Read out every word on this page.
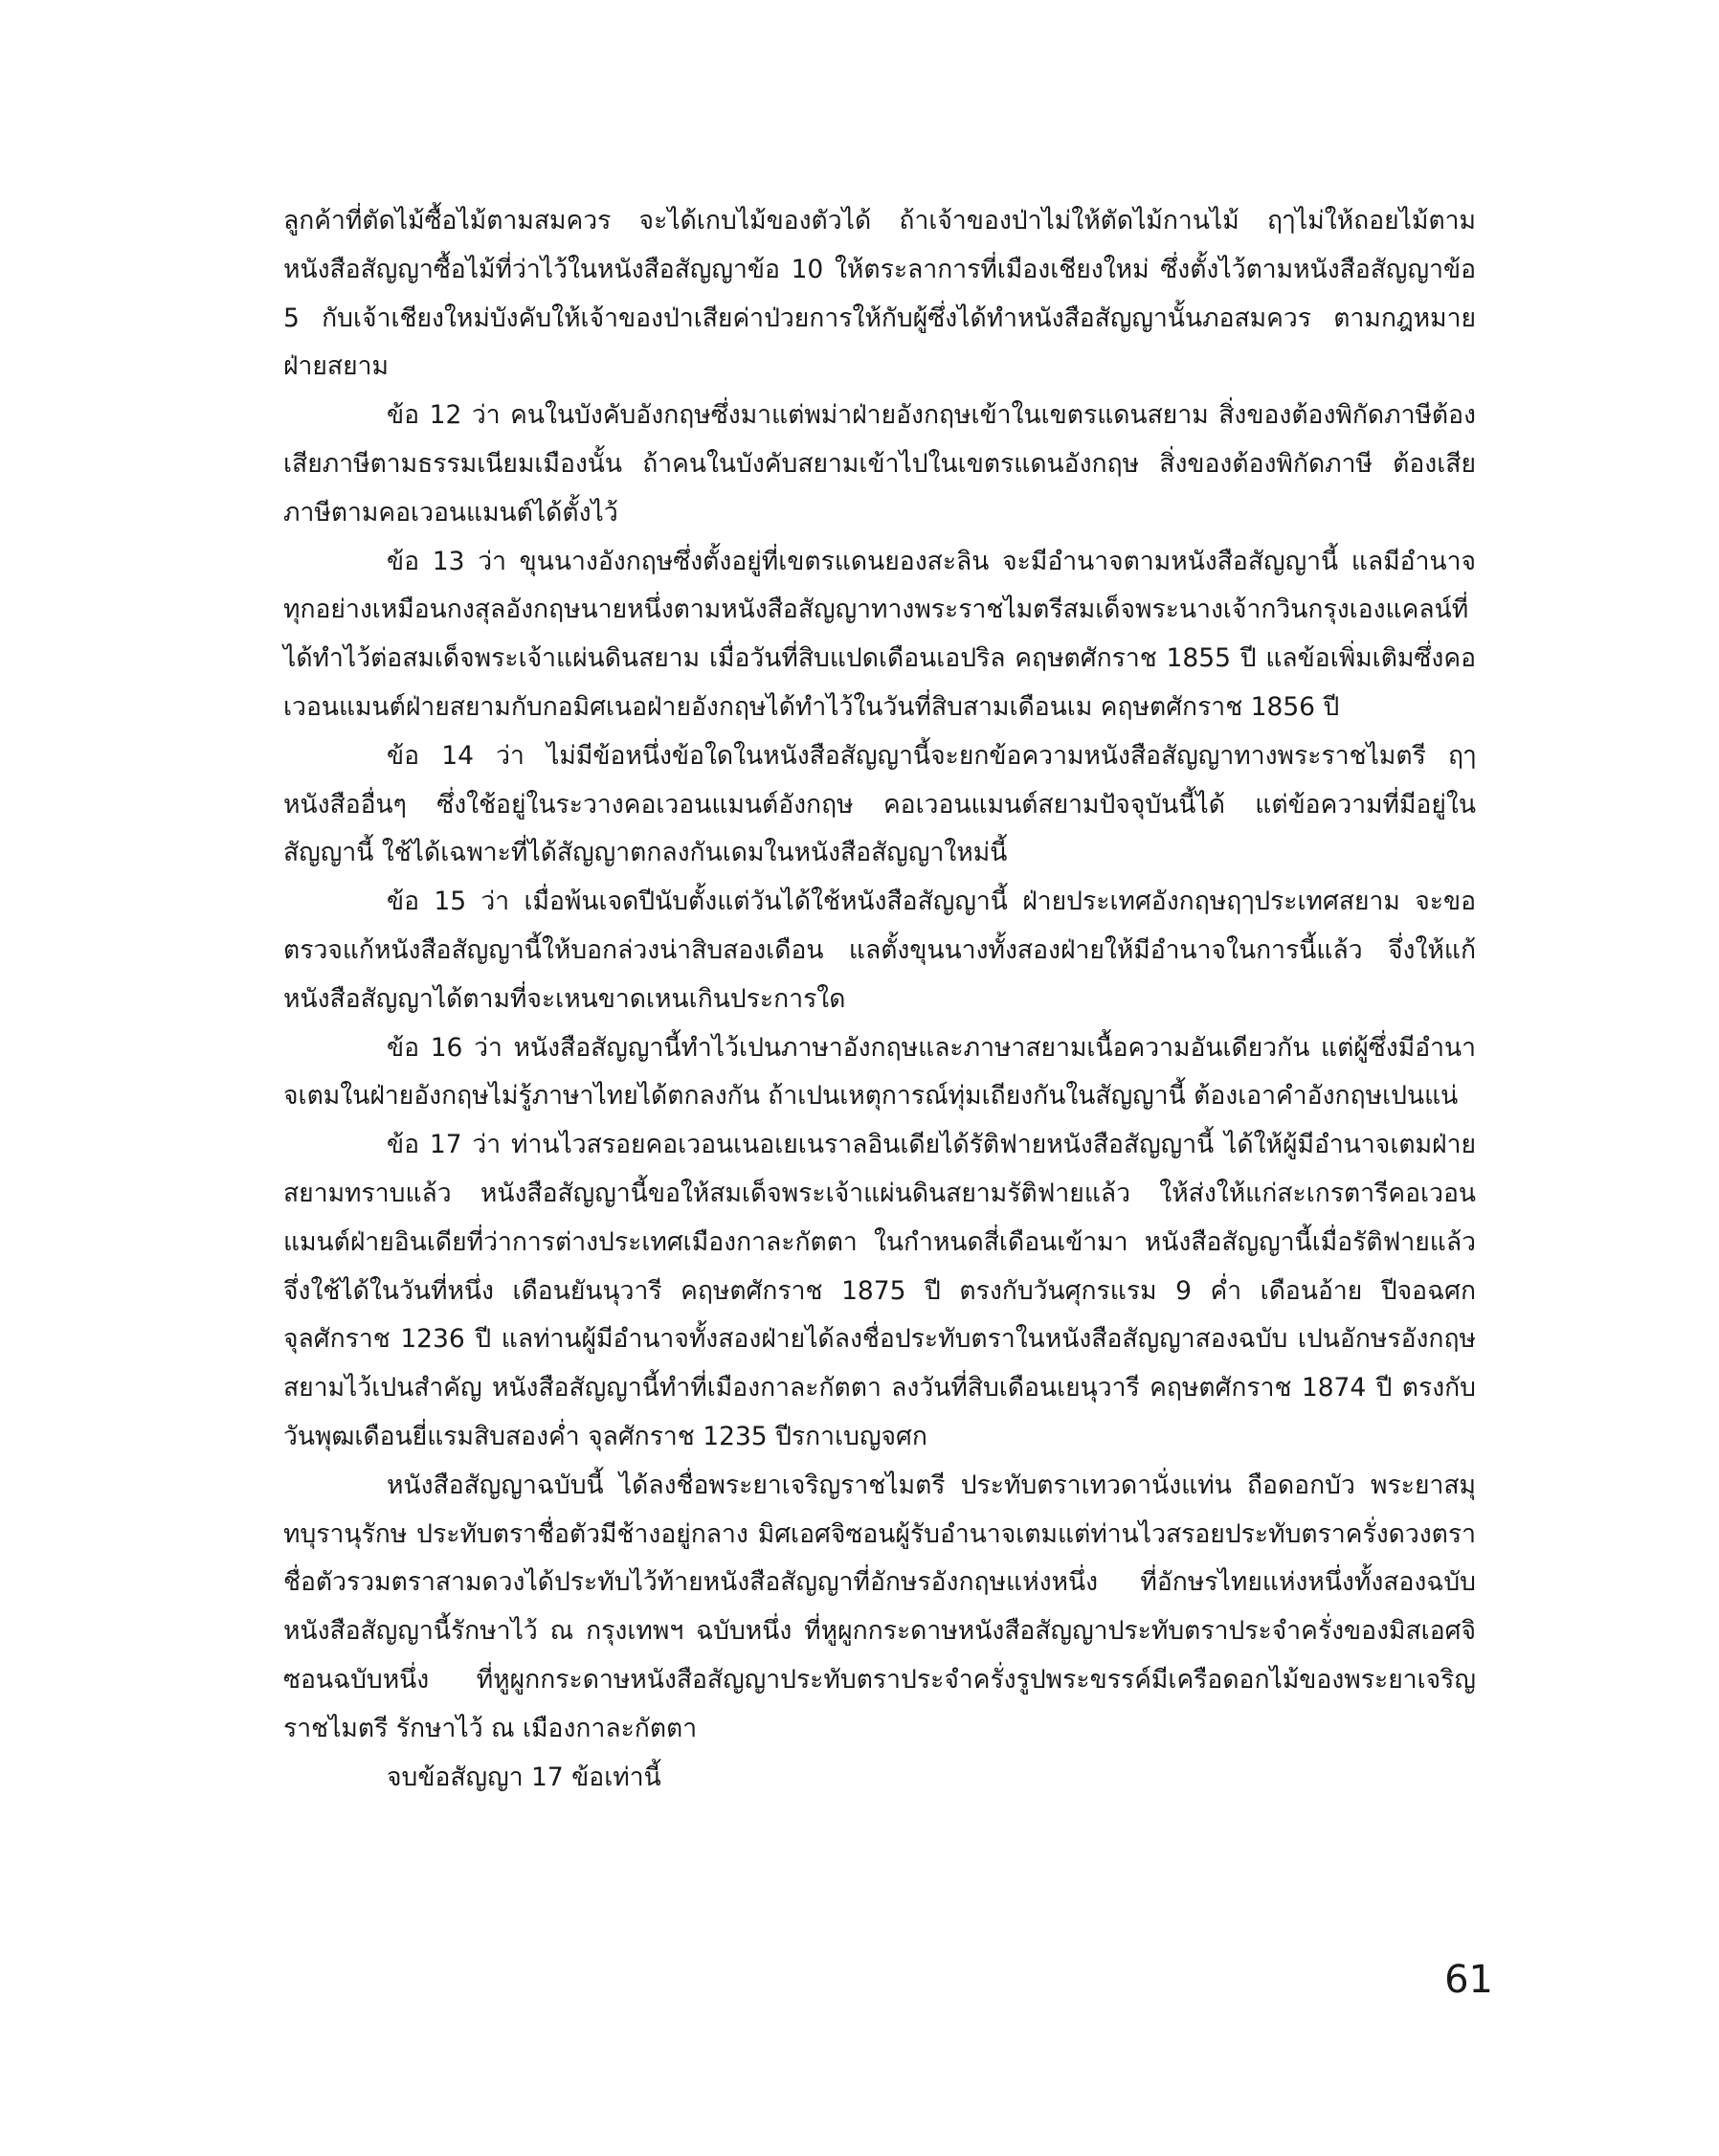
ลูกค้าที่ตัดไม้ซื้อไม้ตามสมควร จะได้เกบไม้ของตัวได้ ถ้าเจ้าของป่าไม่ให้ตัดไม้กานไม้ ฤๅไม่ให้ถอยไม้ตามหนังสือสัญญาซื้อไม้ที่ว่าไว้ในหนังสือสัญญาข้อ 10 ให้ตระลาการที่เมืองเชียงใหม่ ซึ่งตั้งไว้ตามหนังสือสัญญาข้อ 5 กับเจ้าเชียงใหม่บังคับให้เจ้าของป่าเสียค่าป่วยการให้กับผู้ซึ่งได้ทำหนังสือสัญญานั้นภอสมควร ตามกฎหมายฝ่ายสยาม

ข้อ 12 ว่า คนในบังคับอังกฤษซึ่งมาแต่พม่าฝ่ายอังกฤษเข้าในเขตรแดนสยาม สิ่งของต้องพิกัดภาษีต้องเสียภาษีตามธรรมเนียมเมืองนั้น ถ้าคนในบังคับสยามเข้าไปในเขตรแดนอังกฤษ สิ่งของต้องพิกัดภาษี ต้องเสียภาษีตามคอเวอนแมนต์ได้ตั้งไว้

ข้อ 13 ว่า ขุนนางอังกฤษซึ่งตั้งอยู่ที่เขตรแดนยองสะลิน จะมีอำนาจตามหนังสือสัญญานี้ แลมีอำนาจทุกอย่างเหมือนกงสุลอังกฤษนายหนึ่งตามหนังสือสัญญาทางพระราชไมตรีสมเด็จพระนางเจ้ากวินกรุงเองแคลน์ที่ได้ทำไว้ต่อสมเด็จพระเจ้าแผ่นดินสยาม เมื่อวันที่สิบแปดเดือนเอปริล คฤษตศักราช 1855 ปี แลข้อเพิ่มเติมซึ่งคอเวอนแมนต์ฝ่ายสยามกับกอมิศเนอฝ่ายอังกฤษได้ทำไว้ในวันที่สิบสามเดือนเม คฤษตศักราช 1856 ปี

ข้อ 14 ว่า ไม่มีข้อหนึ่งข้อใดในหนังสือสัญญานี้จะยกข้อความหนังสือสัญญาทางพระราชไมตรี ฤๅหนังสืออื่นๆ ซึ่งใช้อยู่ในระวางคอเวอนแมนต์อังกฤษ คอเวอนแมนต์สยามปัจจุบันนี้ได้ แต่ข้อความที่มีอยู่ในสัญญานี้ ใช้ได้เฉพาะที่ได้สัญญาตกลงกันเดมในหนังสือสัญญาใหม่นี้

ข้อ 15 ว่า เมื่อพ้นเจดปีนับตั้งแต่วันได้ใช้หนังสือสัญญานี้ ฝ่ายประเทศอังกฤษฤๅประเทศสยาม จะขอตรวจแก้หนังสือสัญญานี้ให้บอกล่วงน่าสิบสองเดือน แลตั้งขุนนางทั้งสองฝ่ายให้มีอำนาจในการนี้แล้ว จึ่งให้แก้หนังสือสัญญาได้ตามที่จะเหนขาดเหนเกินประการใด

ข้อ 16 ว่า หนังสือสัญญานี้ทำไว้เปนภาษาอังกฤษและภาษาสยามเนื้อความอันเดียวกัน แต่ผู้ซึ่งมีอำนาจเตมในฝ่ายอังกฤษไม่รู้ภาษาไทยได้ตกลงกัน ถ้าเปนเหตุการณ์ทุ่มเถียงกันในสัญญานี้ ต้องเอาคำอังกฤษเปนแน่

ข้อ 17 ว่า ท่านไวสรอยคอเวอนเนอเยเนราลอินเดียได้รัติฟายหนังสือสัญญานี้ ได้ให้ผู้มีอำนาจเตมฝ่ายสยามทราบแล้ว หนังสือสัญญานี้ขอให้สมเด็จพระเจ้าแผ่นดินสยามรัติฟายแล้ว ให้ส่งให้แก่สะเกรตารีคอเวอนแมนต์ฝ่ายอินเดียที่ว่าการต่างประเทศเมืองกาละกัตตา ในกำหนดสี่เดือนเข้ามา หนังสือสัญญานี้เมื่อรัติฟายแล้วจึ่งใช้ได้ในวันที่หนึ่ง เดือนยันนุวารี คฤษตศักราช 1875 ปี ตรงกับวันศุกรแรม 9 ค่ำ เดือนอ้าย ปีจอฉศก จุลศักราช 1236 ปี แลท่านผู้มีอำนาจทั้งสองฝ่ายได้ลงชื่อประทับตราในหนังสือสัญญาสองฉบับ เปนอักษรอังกฤษสยามไว้เปนสำคัญ หนังสือสัญญานี้ทำที่เมืองกาละกัตตา ลงวันที่สิบเดือนเยนุวารี คฤษตศักราช 1874 ปี ตรงกับวันพุฒเดือนยี่แรมสิบสองค่ำ จุลศักราช 1235 ปีรกาเบญจศก

หนังสือสัญญาฉบับนี้ ได้ลงชื่อพระยาเจริญราชไมตรี ประทับตราเทวดานั่งแท่น ถือดอกบัว พระยาสมุทบุรานุรักษ ประทับตราชื่อตัวมีช้างอยู่กลาง มิศเอศจิซอนผู้รับอำนาจเตมแต่ท่านไวสรอยประทับตราครั่งดวงตราชื่อตัวรวมตราสามดวงได้ประทับไว้ท้ายหนังสือสัญญาที่อักษรอังกฤษแห่งหนึ่ง ที่อักษรไทยแห่งหนึ่งทั้งสองฉบับ หนังสือสัญญานี้รักษาไว้ ณ กรุงเทพฯ ฉบับหนึ่ง ที่หูผูกกระดาษหนังสือสัญญาประทับตราประจำครั่งของมิสเอศจิซอนฉบับหนึ่ง ที่หูผูกกระดาษหนังสือสัญญาประทับตราประจำครั่งรูปพระขรรค์มีเครือดอกไม้ของพระยาเจริญราชไมตรี รักษาไว้ ณ เมืองกาละกัตตา

จบข้อสัญญา 17 ข้อเท่านี้

61
